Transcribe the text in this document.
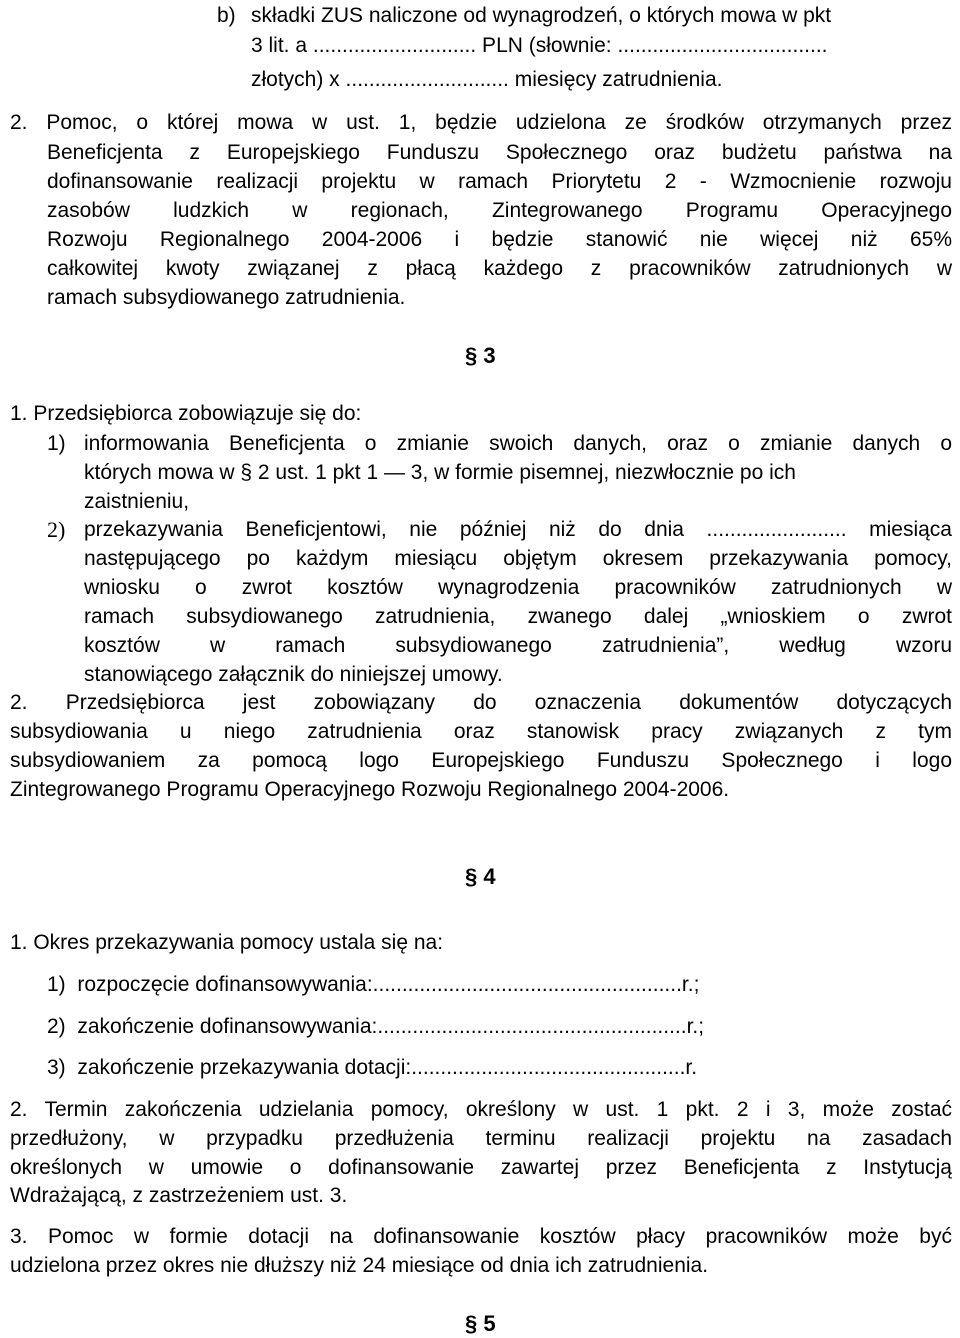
b) składki ZUS naliczone od wynagrodzeń, o których mowa w pkt
3 lit. a ............................ PLN (słownie: ....................................
złotych) x ............................ miesięcy zatrudnienia.
2. Pomoc, o której mowa w ust. 1, będzie udzielona ze środków otrzymanych przez
Beneficjenta z Europejskiego Funduszu Społecznego oraz budżetu państwa na
dofinansowanie realizacji projektu w ramach Priorytetu 2 - Wzmocnienie rozwoju
zasobów ludzkich w regionach, Zintegrowanego Programu Operacyjnego
Rozwoju Regionalnego 2004-2006 i będzie stanowić nie więcej niż 65%
całkowitej kwoty związanej z płacą każdego z pracowników zatrudnionych w
ramach subsydiowanego zatrudnienia.
§ 3
1. Przedsiębiorca zobowiązuje się do:
1) informowania Beneficjenta o zmianie swoich danych, oraz o zmianie danych o
których mowa w § 2 ust. 1 pkt 1 — 3, w formie pisemnej, niezwłocznie po ich
zaistnieniu,
2) przekazywania Beneficjentowi, nie później niż do dnia ........................ miesiąca
następującego po każdym miesiącu objętym okresem przekazywania pomocy,
wniosku o zwrot kosztów wynagrodzenia pracowników zatrudnionych w
ramach subsydiowanego zatrudnienia, zwanego dalej „wnioskiem o zwrot
kosztów w ramach subsydiowanego zatrudnienia”, według wzoru
stanowiącego załącznik do niniejszej umowy.
2. Przedsiębiorca jest zobowiązany do oznaczenia dokumentów dotyczących
subsydiowania u niego zatrudnienia oraz stanowisk pracy związanych z tym
subsydiowaniem za pomocą logo Europejskiego Funduszu Społecznego i logo
Zintegrowanego Programu Operacyjnego Rozwoju Regionalnego 2004-2006.
§ 4
1. Okres przekazywania pomocy ustala się na:
1)  rozpoczęcie dofinansowywania:.....................................................r.;
2)  zakończenie dofinansowywania:.....................................................r.;
3)  zakończenie przekazywania dotacji:...............................................r.
2. Termin zakończenia udzielania pomocy, określony w ust. 1 pkt. 2 i 3, może zostać
przedłużony, w przypadku przedłużenia terminu realizacji projektu na zasadach
określonych w umowie o dofinansowanie zawartej przez Beneficjenta z Instytucją
Wdrażającą, z zastrzeżeniem ust. 3.
3. Pomoc w formie dotacji na dofinansowanie kosztów płacy pracowników może być
udzielona przez okres nie dłuższy niż 24 miesiące od dnia ich zatrudnienia.
§ 5
